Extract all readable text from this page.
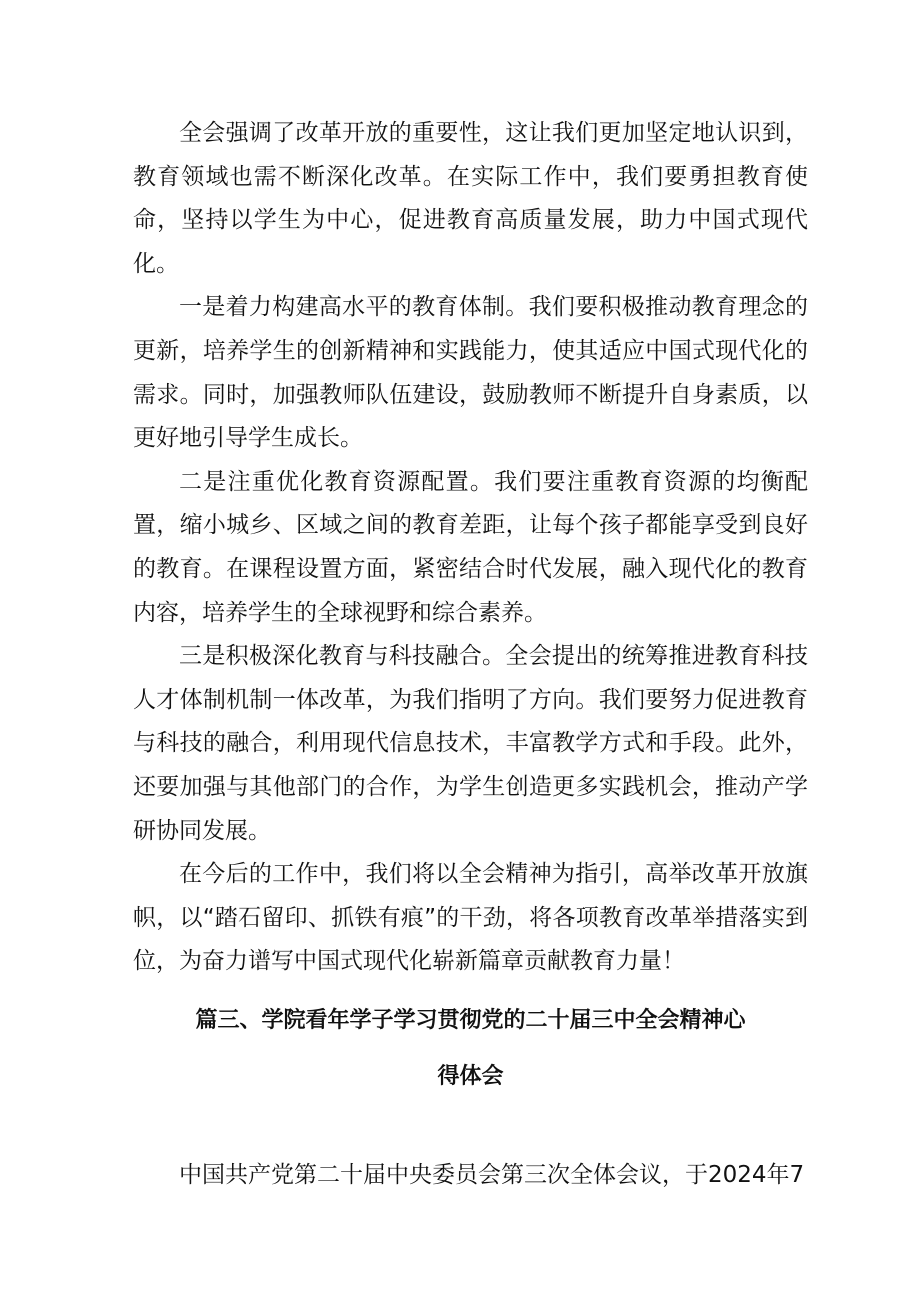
全会强调了改革开放的重要性，这让我们更加坚定地认识到，教育领域也需不断深化改革。在实际工作中，我们要勇担教育使命，坚持以学生为中心，促进教育高质量发展，助力中国式现代化。

一是着力构建高水平的教育体制。我们要积极推动教育理念的更新，培养学生的创新精神和实践能力，使其适应中国式现代化的需求。同时，加强教师队伍建设，鼓励教师不断提升自身素质，以更好地引导学生成长。

二是注重优化教育资源配置。我们要注重教育资源的均衡配置，缩小城乡、区域之间的教育差距，让每个孩子都能享受到良好的教育。在课程设置方面，紧密结合时代发展，融入现代化的教育内容，培养学生的全球视野和综合素养。

三是积极深化教育与科技融合。全会提出的统筹推进教育科技人才体制机制一体改革，为我们指明了方向。我们要努力促进教育与科技的融合，利用现代信息技术，丰富教学方式和手段。此外，还要加强与其他部门的合作，为学生创造更多实践机会，推动产学研协同发展。

在今后的工作中，我们将以全会精神为指引，高举改革开放旗帜，以“踏石留印、抓铁有痕”的干劲，将各项教育改革举措落实到位，为奋力谱写中国式现代化崭新篇章贡献教育力量！

篇三、学院看年学子学习贯彻党的二十届三中全会精神心
得体会

中国共产党第二十届中央委员会第三次全体会议，于2024年7
